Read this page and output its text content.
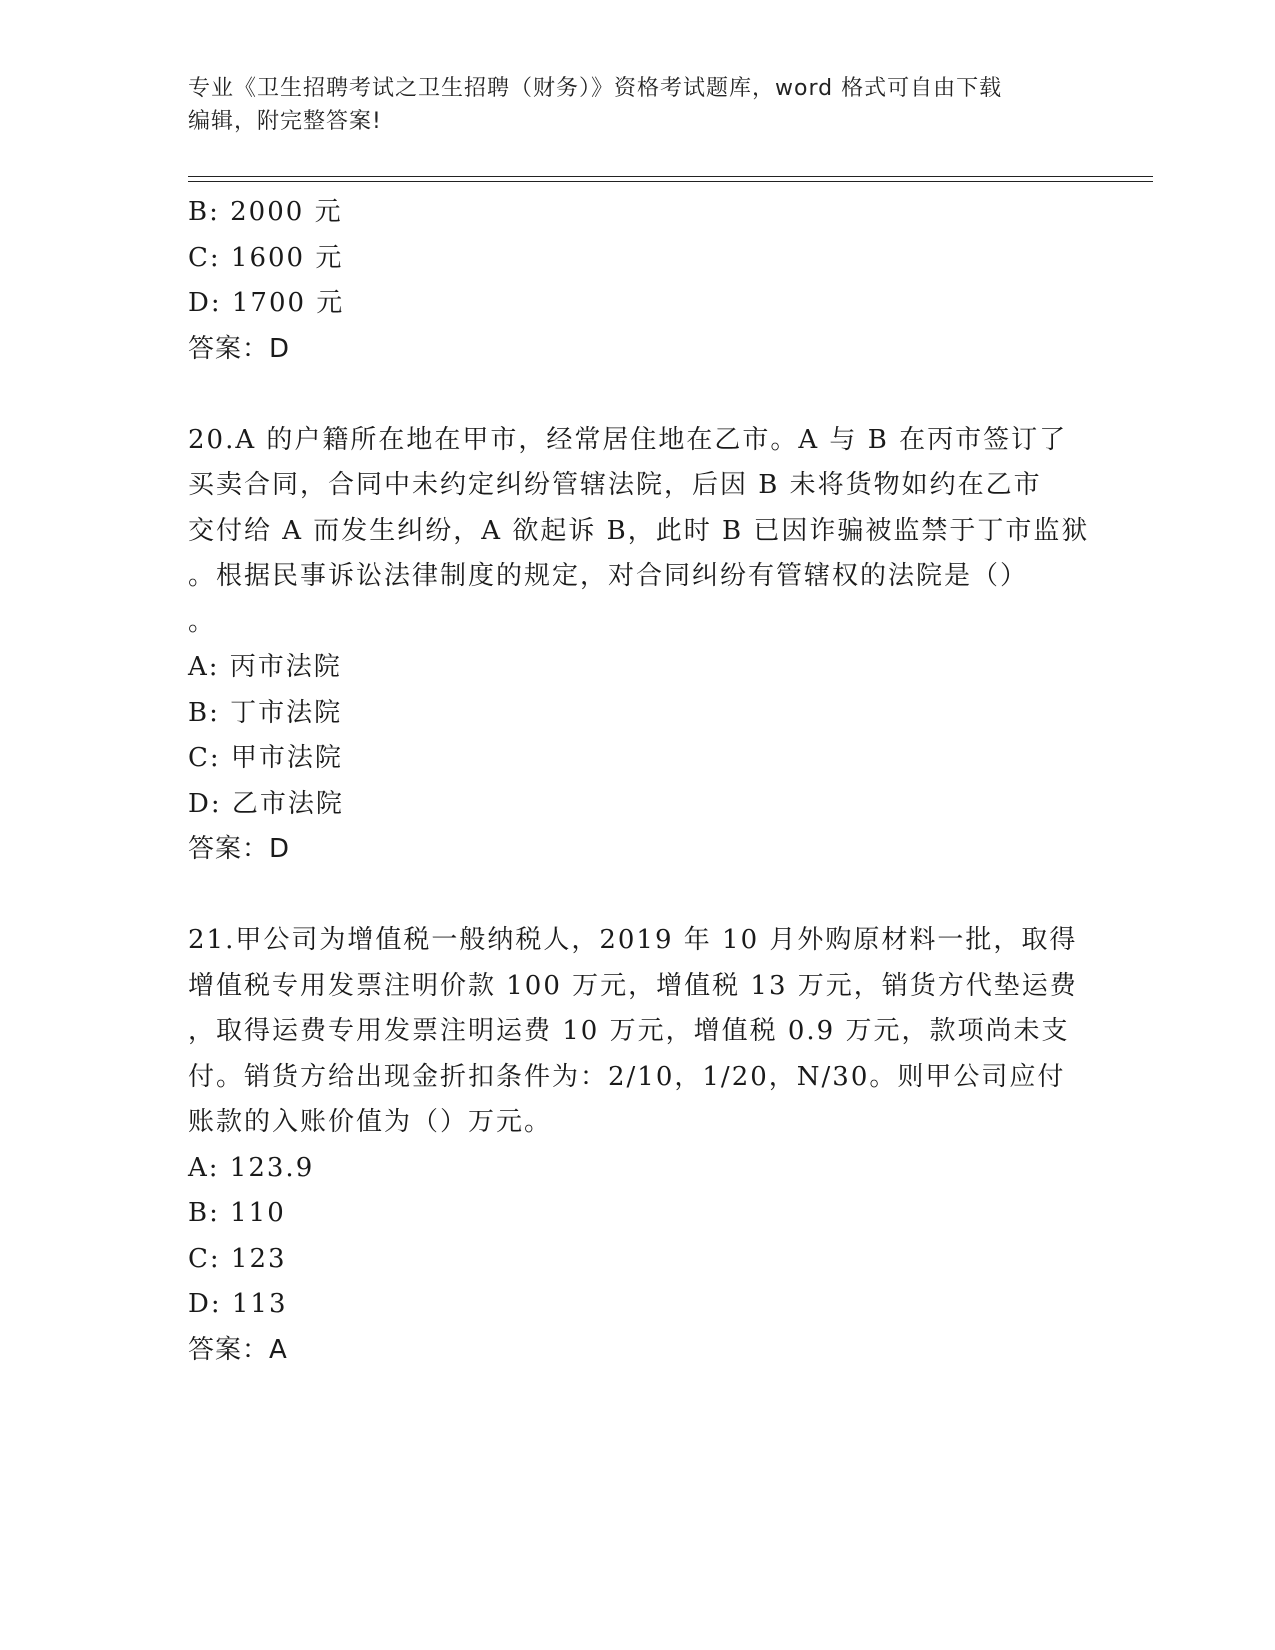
专业《卫生招聘考试之卫生招聘（财务）》资格考试题库，word 格式可自由下载
编辑，附完整答案!
B: 2000 元
C: 1600 元
D: 1700 元
答案：D
20.A 的户籍所在地在甲市，经常居住地在乙市。A 与 B 在丙市签订了
买卖合同，合同中未约定纠纷管辖法院，后因 B 未将货物如约在乙市
交付给 A 而发生纠纷，A 欲起诉 B，此时 B 已因诈骗被监禁于丁市监狱
。根据民事诉讼法律制度的规定，对合同纠纷有管辖权的法院是（）
。
A: 丙市法院
B: 丁市法院
C: 甲市法院
D: 乙市法院
答案：D
21.甲公司为增值税一般纳税人，2019 年 10 月外购原材料一批，取得
增值税专用发票注明价款 100 万元，增值税 13 万元，销货方代垫运费
，取得运费专用发票注明运费 10 万元，增值税 0.9 万元，款项尚未支
付。销货方给出现金折扣条件为：2/10，1/20，N/30。则甲公司应付
账款的入账价值为（）万元。
A: 123.9
B: 110
C: 123
D: 113
答案：A
